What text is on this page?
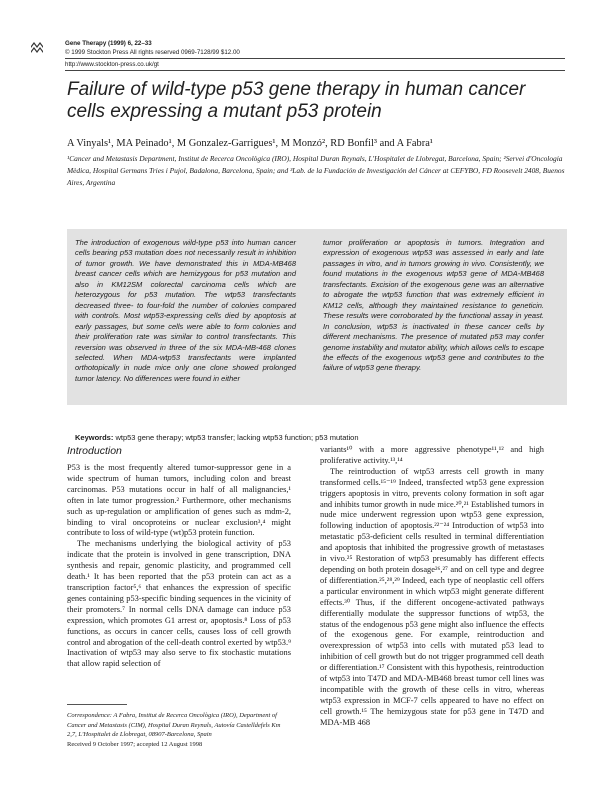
Gene Therapy (1999) 6, 22–33
© 1999 Stockton Press All rights reserved 0969-7128/99 $12.00
http://www.stockton-press.co.uk/gt
Failure of wild-type p53 gene therapy in human cancer cells expressing a mutant p53 protein
A Vinyals¹, MA Peinado¹, M Gonzalez-Garrigues¹, M Monzó², RD Bonfil³ and A Fabra¹
¹Cancer and Metastasis Department, Institut de Recerca Oncològica (IRO), Hospital Duran Reynals, L'Hospitalet de Llobregat, Barcelona, Spain; ²Servei d'Oncologia Mèdica, Hospital Germans Tries i Pujol, Badalona, Barcelona, Spain; and ³Lab. de la Fundación de Investigación del Cáncer at CEFYBO, FD Roosevelt 2408, Buenos Aires, Argentina
The introduction of exogenous wild-type p53 into human cancer cells bearing p53 mutation does not necessarily result in inhibition of tumor growth. We have demonstrated this in MDA-MB468 breast cancer cells which are hemizygous for p53 mutation and also in KM12SM colorectal carcinoma cells which are heterozygous for p53 mutation. The wtp53 transfectants decreased three- to four-fold the number of colonies compared with controls. Most wtp53-expressing cells died by apoptosis at early passages, but some cells were able to form colonies and their proliferation rate was similar to control transfectants. This reversion was observed in three of the six MDA-MB-468 clones selected. When MDA-wtp53 transfectants were implanted orthotopically in nude mice only one clone showed prolonged tumor latency. No differences were found in either
tumor proliferation or apoptosis in tumors. Integration and expression of exogenous wtp53 was assessed in early and late passages in vitro, and in tumors growing in vivo. Consistently, we found mutations in the exogenous wtp53 gene of MDA-MB468 transfectants. Excision of the exogenous gene was an alternative to abrogate the wtp53 function that was extremely efficient in KM12 cells, although they maintained resistance to geneticin. These results were corroborated by the functional assay in yeast. In conclusion, wtp53 is inactivated in these cancer cells by different mechanisms. The presence of mutated p53 may confer genome instability and mutator ability, which allows cells to escape the effects of the exogenous wtp53 gene and contributes to the failure of wtp53 gene therapy.
Keywords: wtp53 gene therapy; wtp53 transfer; lacking wtp53 function; p53 mutation
Introduction

P53 is the most frequently altered tumor-suppressor gene in a wide spectrum of human tumors, including colon and breast carcinomas. P53 mutations occur in half of all malignancies,¹ often in late tumor progression.² Furthermore, other mechanisms such as up-regulation or amplification of genes such as mdm-2, binding to viral oncoproteins or nuclear exclusion³,⁴ might contribute to loss of wild-type (wt)p53 protein function.

The mechanisms underlying the biological activity of p53 indicate that the protein is involved in gene transcription, DNA synthesis and repair, genomic plasticity, and programmed cell death.¹ It has been reported that the p53 protein can act as a transcription factor⁵,⁶ that enhances the expression of specific genes containing p53-specific binding sequences in the vicinity of their promoters.⁷ In normal cells DNA damage can induce p53 expression, which promotes G1 arrest or, apoptosis.⁸ Loss of p53 functions, as occurs in cancer cells, causes loss of cell growth control and abrogation of the cell-death control exerted by wtp53.⁹ Inactivation of wtp53 may also serve to fix stochastic mutations that allow rapid selection of

variants¹⁰ with a more aggressive phenotype¹¹,¹² and high proliferative activity.¹³,¹⁴

The reintroduction of wtp53 arrests cell growth in many transformed cells.¹⁵⁻¹⁹ Indeed, transfected wtp53 gene expression triggers apoptosis in vitro, prevents colony formation in soft agar and inhibits tumor growth in nude mice.²⁰,²¹ Established tumors in nude mice underwent regression upon wtp53 gene expression, following induction of apoptosis.²²⁻²⁴ Introduction of wtp53 into metastatic p53-deficient cells resulted in terminal differentiation and apoptosis that inhibited the progressive growth of metastases in vivo.²⁵ Restoration of wtp53 presumably has different effects depending on both protein dosage²⁶,²⁷ and on cell type and degree of differentiation.²⁵,²⁸,²⁹ Indeed, each type of neoplastic cell offers a particular environment in which wtp53 might generate different effects.³⁰ Thus, if the different oncogene-activated pathways differentially modulate the suppressor functions of wtp53, the status of the endogenous p53 gene might also influence the effects of the exogenous gene. For example, reintroduction and overexpression of wtp53 into cells with mutated p53 lead to inhibition of cell growth but do not trigger programmed cell death or differentiation.¹⁷ Consistent with this hypothesis, reintroduction of wtp53 into T47D and MDA-MB468 breast tumor cell lines was incompatible with the growth of these cells in vitro, whereas wtp53 expression in MCF-7 cells appeared to have no effect on cell growth.¹⁵ The hemizygous state for p53 gene in T47D and MDA-MB 468

Correspondence: A Fabra, Institut de Recerca Oncològica (IRO), Department of Cancer and Metastasis (CIM), Hospital Duran Reynals, Autovía Castelldefels Km 2,7, L'Hospitalet de Llobregat, 08907-Barcelona, Spain
Received 9 October 1997; accepted 12 August 1998
